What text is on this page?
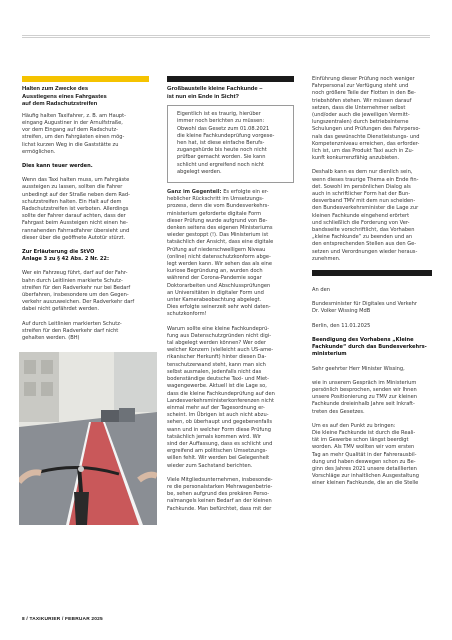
Halten zum Zwecke des
Ausstiegens eines Fahrgastes
auf dem Radschutzstreifen
Häufig halten Taxifahrer, z. B. am Haupt-
eingang Augustiner in der Arnulfstraße,
vor dem Eingang auf dem Radschutz-
streifen, um den Fahrgästen einen mög-
lichst kurzen Weg in die Gaststätte zu
ermöglichen.
Dies kann teuer werden.
Wenn das Taxi halten muss, um Fahrgäste
aussteigen zu lassen, sollten die Fahrer
unbedingt auf der Straße neben dem Rad-
schutzstreifen halten. Ein Halt auf dem
Radschutzstreifen ist verboten. Allerdings
sollte der Fahrer darauf achten, dass der
Fahrgast beim Aussteigen nicht einen he-
rannahenden Fahrradfahrer übersieht und
dieser über die geöffnete Autotür stürzt.
Zur Erläuterung die StVO
Anlage 3 zu § 42 Abs. 2 Nr. 22:
Wer ein Fahrzeug führt, darf auf der Fahr-
bahn durch Leitlinien markierte Schutz-
streifen für den Radverkehr nur bei Bedarf
überfahren, insbesondere um den Gegen-
verkehr auszuweichen. Der Radverkehr darf
dabei nicht gefährdet werden.
Auf durch Leitlinien markierten Schutz-
streifen für den Radverkehr darf nicht
gehalten werden. (BH)
Großbaustelle kleine Fachkunde –
ist nun ein Ende in Sicht?
Eigentlich ist es traurig, hierüber
immer noch berichten zu müssen:
Obwohl das Gesetz zum 01.08.2021
die kleine Fachkundeprüfung vorgese-
hen hat, ist diese einfache Berufs-
zugangshürde bis heute noch nicht
prüfbar gemacht worden. Sie kann
schlicht und ergreifend noch nicht
abgelegt werden.
Ganz im Gegenteil: Es erfolgte ein er-
heblicher Rückschritt im Umsetzungs-
prozess, denn die vom Bundesverkehrs-
ministerium geforderte digitale Form
dieser Prüfung wurde aufgrund von Be-
denken seitens des eigenen Ministeriums
wieder gestoppt (!). Das Ministerium ist
tatsächlich der Ansicht, dass eine digitale
Prüfung auf niederschwelligem Niveau
(online) nicht datenschutzkonform abge-
legt werden kann. Wir sehen das als eine
kuriose Begründung an, wurden doch
während der Corona-Pandemie sogar
Doktorarbeiten und Abschlussprüfungen
an Universitäten in digitaler Form und
unter Kamerabeobachtung abgelegt.
Dies erfolgte seinerzeit sehr wohl daten-
schutzkonform!
Warum sollte eine kleine Fachkundeprü-
fung aus Datenschutzgründen nicht digi-
tal abgelegt werden können? Wer oder
welcher Konzern (vielleicht auch US-ame-
rikanischer Herkunft) hinter diesen Da-
tenschutzerwand steht, kann man sich
selbst ausmalen, jedenfalls nicht das
bodenständige deutsche Taxi- und Miet-
wagengewerbe. Aktuell ist die Lage so,
dass die kleine Fachkundeprüfung auf den
Landesverkehrsministerkonferenzen nicht
einmal mehr auf der Tagesordnung er-
scheint. Im Übrigen ist auch nicht abzu-
sehen, ob überhaupt und gegebenenfalls
wann und in welcher Form diese Prüfung
tatsächlich jemals kommen wird. Wir
sind der Auffassung, dass es schlicht und
ergreifend am politischen Umsetzungs-
willen fehlt. Wir werden bei Gelegenheit
wieder zum Sachstand berichten.
Viele Mitgliedsunternehmen, insbesonde-
re die personalstarken Mehrwagenbetrie-
be, sehen aufgrund des prekären Perso-
nalmangels keinen Bedarf an der kleinen
Fachkunde. Man befürchtet, dass mit der
Einführung dieser Prüfung noch weniger
Fahrpersonal zur Verfügung steht und
noch größere Teile der Flotten in den Be-
triebshöfen stehen. Wir müssen darauf
setzen, dass die Unternehmer selbst
(und/oder auch die jeweiligen Vermitt-
lungszentralen) durch betriebsinterne
Schulungen und Prüfungen des Fahrperso-
nals das gewünschte Dienstleistungs- und
Kompetenzniveau erreichen, das erforder-
lich ist, um das Produkt Taxi auch in Zu-
kunft konkurrenzfähig anzubieten.
Deshalb kann es dem nur dienlich sein,
wenn dieses traurige Thema ein Ende fin-
det. Sowohl im persönlichen Dialog als
auch in schriftlicher Form hat der Bun-
desverband TMV mit dem nun scheiden-
den Bundesverkehrsminister die Lage zur
kleinen Fachkunde eingehend erörtert
und schließlich die Forderung von Ver-
bandsseite vorschriftlicht, das Vorhaben
„kleine Fachkunde“ zu beenden und an
den entsprechenden Stellen aus den Ge-
setzen und Verordnungen wieder heraus-
zunehmen.
An den
Bundesminister für Digitales und Verkehr
Dr. Volker Wissing MdB
Berlin, den 11.01.2025
Beendigung des Vorhabens „Kleine
Fachkunde“ durch das Bundesverkehrs-
ministerium
Sehr geehrter Herr Minister Wissing,
wie in unserem Gespräch im Ministerium
persönlich besprochen, senden wir Ihnen
unsere Positionierung zu TMV zur kleinen
Fachkunde dreieinhalb Jahre seit Inkraft-
treten des Gesetzes.
Um es auf den Punkt zu bringen:
Die kleine Fachkunde ist durch die Reali-
tät im Gewerbe schon längst beerdigt
worden. Als TMV wollten wir vom ersten
Tag an mehr Qualität in der Fahrerausbil-
dung und haben deswegen schon zu Be-
ginn des Jahres 2021 unsere detaillierten
Vorschläge zur inhaltlichen Ausgestaltung
einer kleinen Fachkunde, die an die Stelle
8 / TAXIKURIER / FEBRUAR 2025
